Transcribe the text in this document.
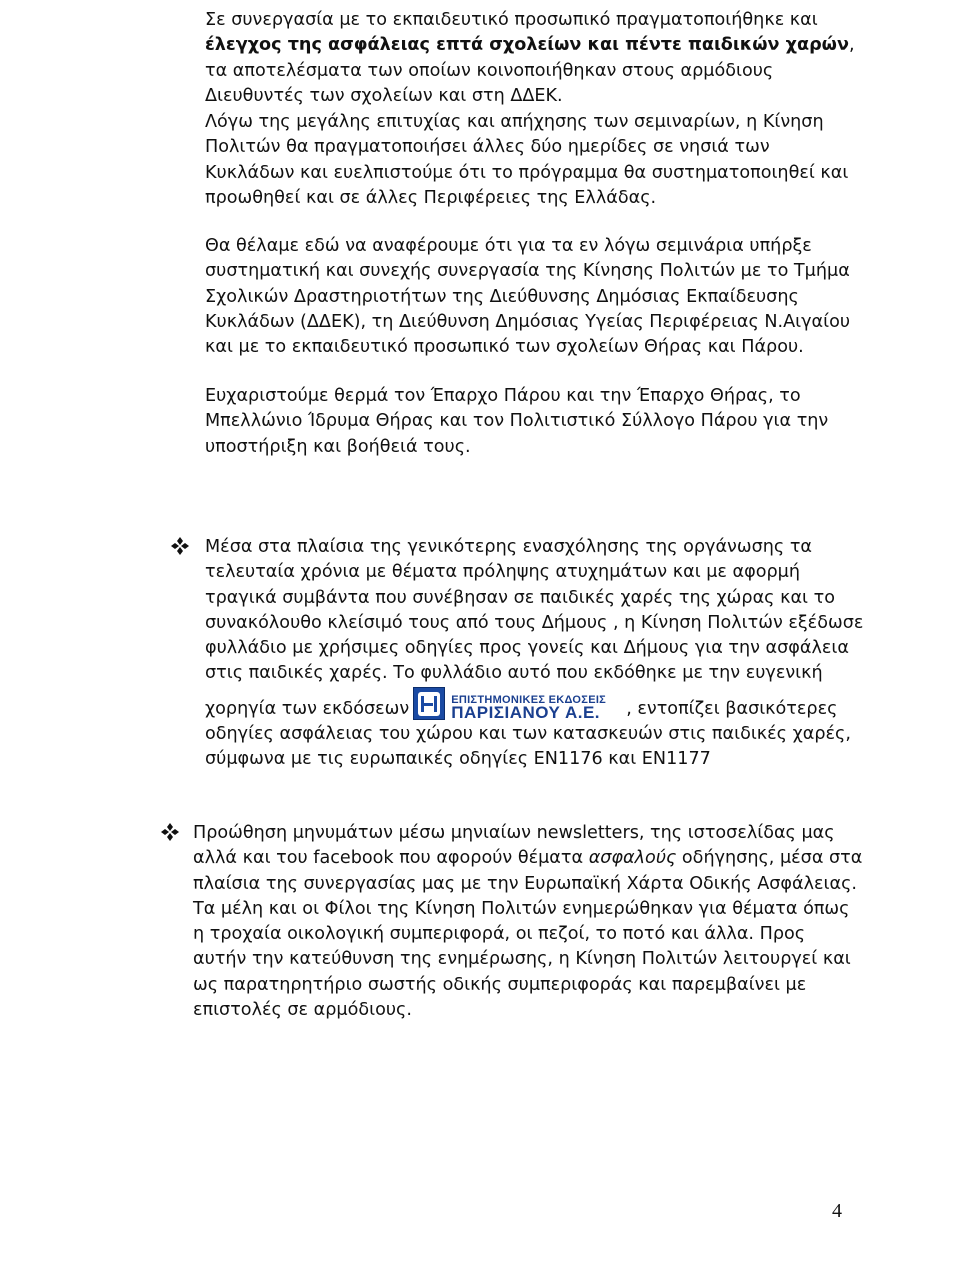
Σε συνεργασία με το εκπαιδευτικό προσωπικό πραγματοποιήθηκε και έλεγχος της ασφάλειας επτά σχολείων και πέντε παιδικών χαρών, τα αποτελέσματα των οποίων κοινοποιήθηκαν στους αρμόδιους Διευθυντές των σχολείων και στη ΔΔΕΚ.

Λόγω της μεγάλης επιτυχίας και απήχησης των σεμιναρίων, η Κίνηση Πολιτών θα πραγματοποιήσει άλλες δύο ημερίδες σε νησιά των Κυκλάδων και ευελπιστούμε ότι το πρόγραμμα θα συστηματοποιηθεί και προωθηθεί και σε άλλες Περιφέρειες της Ελλάδας.

Θα θέλαμε εδώ να αναφέρουμε ότι για τα εν λόγω σεμινάρια υπήρξε συστηματική και συνεχής συνεργασία της Κίνησης Πολιτών με το Τμήμα Σχολικών Δραστηριοτήτων της Διεύθυνσης Δημόσιας Εκπαίδευσης Κυκλάδων (ΔΔΕΚ), τη Διεύθυνση Δημόσιας Υγείας Περιφέρειας Ν.Αιγαίου και με το εκπαιδευτικό προσωπικό των σχολείων Θήρας και Πάρου.

Ευχαριστούμε θερμά τον Έπαρχο Πάρου και την Έπαρχο Θήρας, το Μπελλώνιο Ίδρυμα Θήρας και τον Πολιτιστικό Σύλλογο Πάρου για την υποστήριξη και βοήθειά τους.

Μέσα στα πλαίσια της γενικότερης ενασχόλησης της οργάνωσης τα τελευταία χρόνια με θέματα πρόληψης ατυχημάτων και με αφορμή τραγικά συμβάντα που συνέβησαν σε παιδικές χαρές της χώρας και το συνακόλουθο κλείσιμό τους από τους Δήμους , η Κίνηση Πολιτών εξέδωσε φυλλάδιο με χρήσιμες οδηγίες προς γονείς και Δήμους για την ασφάλεια στις παιδικές χαρές. Το φυλλάδιο αυτό που εκδόθηκε με την ευγενική χορηγία των εκδόσεων	ΕΠΙΣΤΗΜΟΝΙΚΕΣ ΕΚΔΟΣΕΙΣ
ΠΑΡΙΣΙΑΝΟΥ Α.Ε. , εντοπίζει βασικότερες οδηγίες ασφάλειας του χώρου και των κατασκευών στις παιδικές χαρές, σύμφωνα με τις ευρωπαικές οδηγίες ΕΝ1176 και ΕΝ1177
Προώθηση μηνυμάτων μέσω μηνιαίων newsletters, της ιστοσελίδας μας αλλά και του facebook που αφορούν θέματα ασφαλούς οδήγησης, μέσα στα πλαίσια της συνεργασίας μας με την Ευρωπαϊκή Χάρτα Οδικής Ασφάλειας. Τα μέλη και οι Φίλοι της Κίνηση Πολιτών ενημερώθηκαν για θέματα όπως η τροχαία οικολογική συμπεριφορά, οι πεζοί, το ποτό και άλλα. Προς αυτήν την κατεύθυνση της ενημέρωσης, η Κίνηση Πολιτών λειτουργεί και ως παρατηρητήριο σωστής οδικής συμπεριφοράς και παρεμβαίνει με επιστολές σε αρμόδιους.
4
